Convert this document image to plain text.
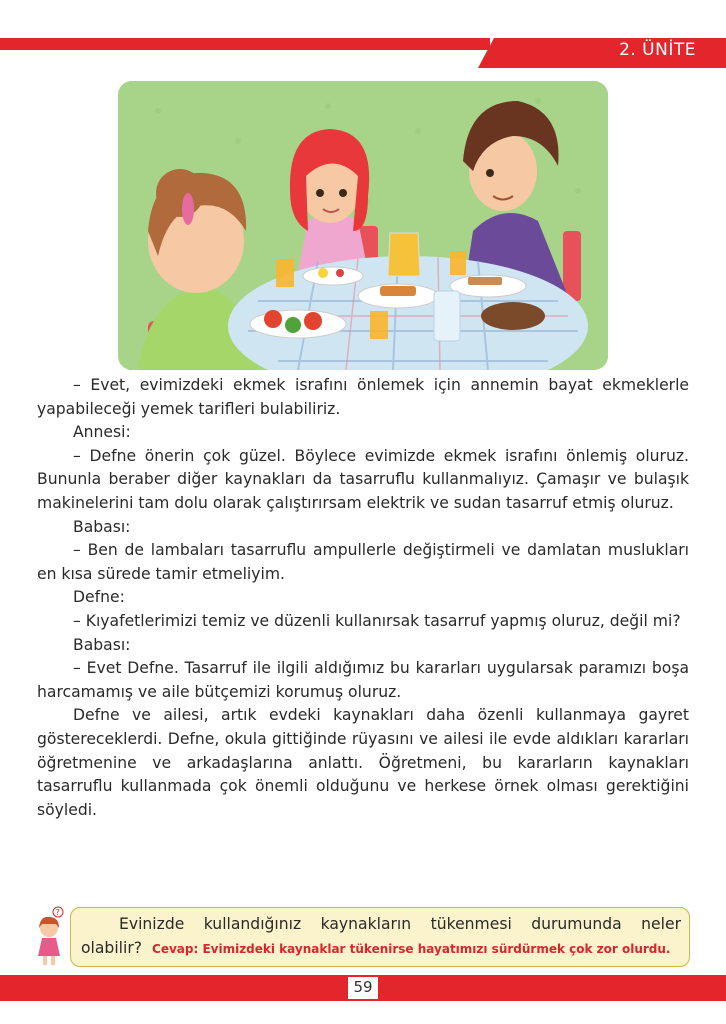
2. ÜNİTE

– Evet, evimizdeki ekmek israfını önlemek için annemin bayat ekmeklerle yapabileceği yemek tarifleri bulabiliriz.

Annesi:

– Defne önerin çok güzel. Böylece evimizde ekmek israfını önlemiş oluruz. Bununla beraber diğer kaynakları da tasarruflu kullanmalıyız. Çamaşır ve bulaşık makinelerini tam dolu olarak çalıştırırsam elektrik ve sudan tasarruf etmiş oluruz.

Babası:

– Ben de lambaları tasarruflu ampullerle değiştirmeli ve damlatan muslukları en kısa sürede tamir etmeliyim.

Defne:

– Kıyafetlerimizi temiz ve düzenli kullanırsak tasarruf yapmış oluruz, değil mi?

Babası:

– Evet Defne. Tasarruf ile ilgili aldığımız bu kararları uygularsak paramızı boşa harcamamış ve aile bütçemizi korumuş oluruz.

Defne ve ailesi, artık evdeki kaynakları daha özenli kullanmaya gayret göstereceklerdi. Defne, okula gittiğinde rüyasını ve ailesi ile evde aldıkları kararları öğretmenine ve arkadaşlarına anlattı. Öğretmeni, bu kararların kaynakları tasarruflu kullanmada çok önemli olduğunu ve herkese örnek olması gerektiğini söyledi.

?
Evinizde kullandığınız kaynakların tükenmesi durumunda neler
olabilir? Cevap: Evimizdeki kaynaklar tükenirse hayatımızı sürdürmek çok zor olurdu.
59
